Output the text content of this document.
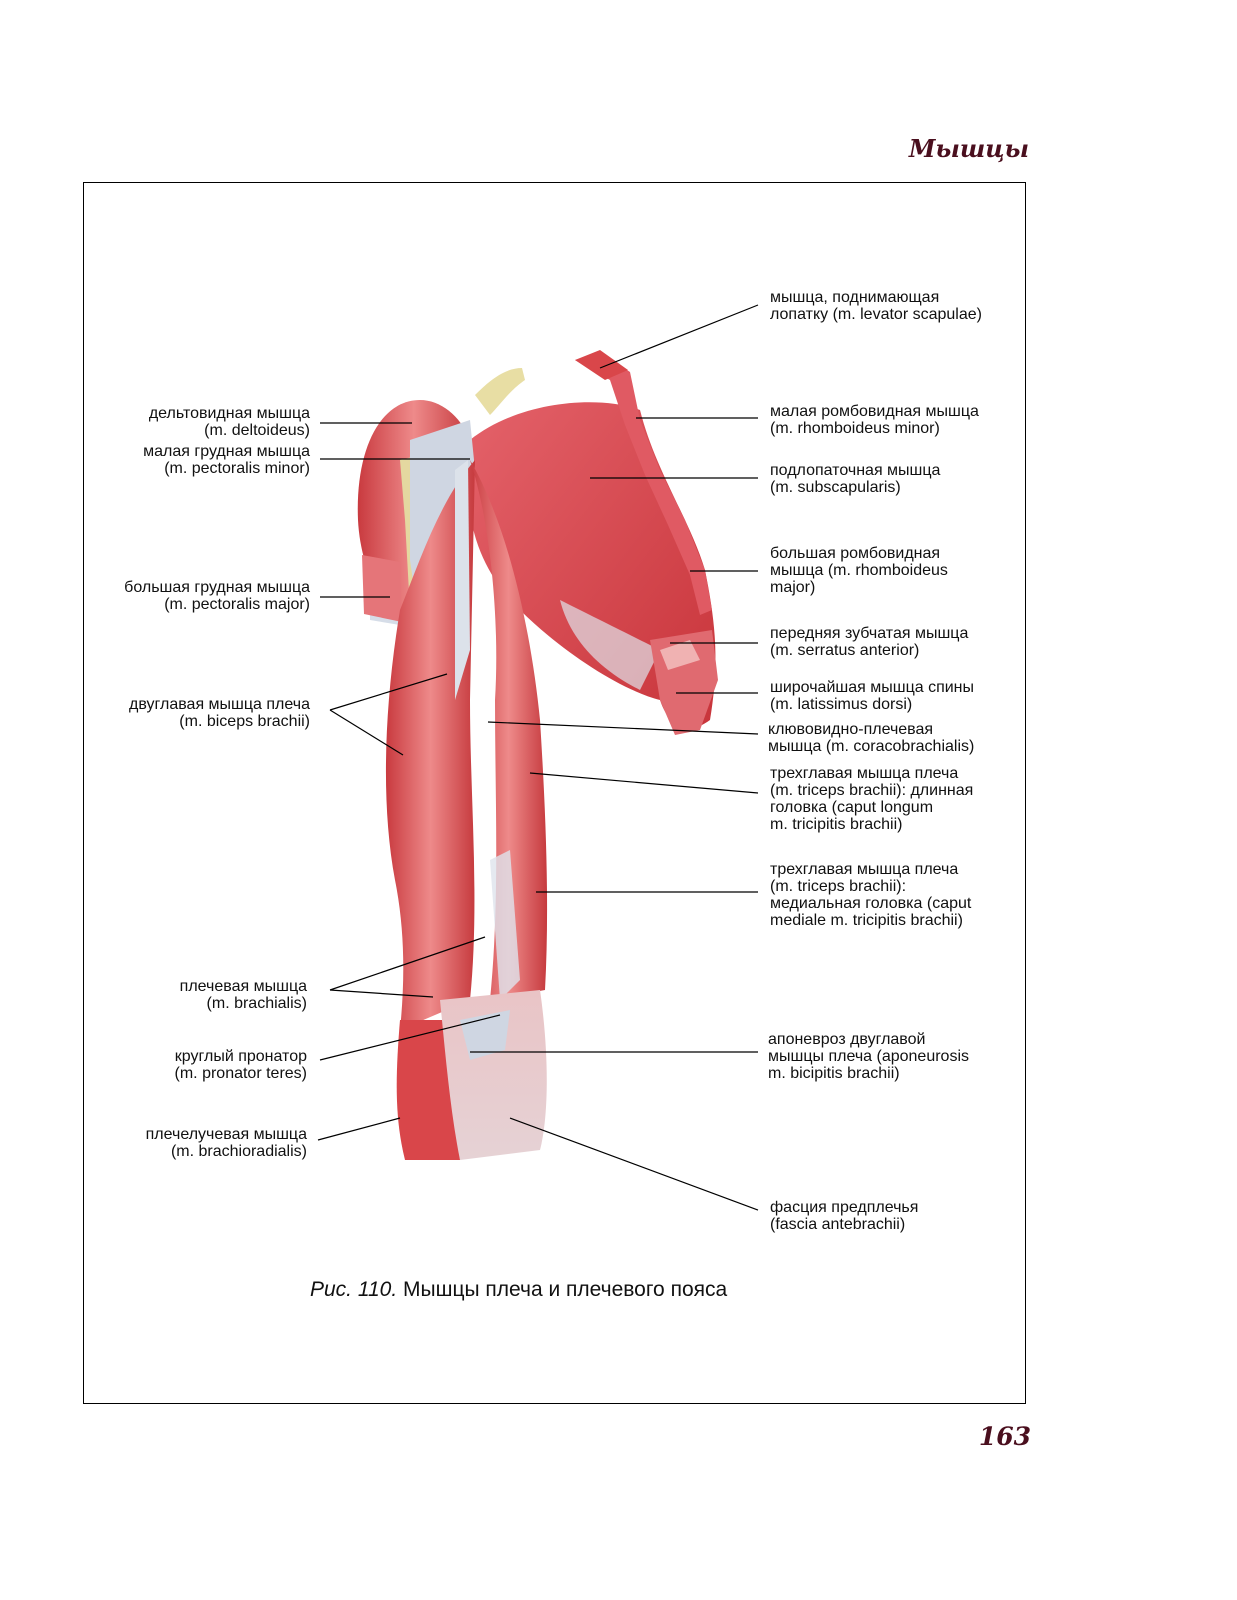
Мышцы
дельтовидная мышца
(m. deltoideus)
малая грудная мышца
(m. pectoralis minor)
большая грудная мышца
(m. pectoralis major)
двуглавая мышца плеча
(m. biceps brachii)
плечевая мышца
(m. brachialis)
круглый пронатор
(m. pronator teres)
плечелучевая мышца
(m. brachioradialis)
мышца, поднимающая
лопатку (m. levator scapulae)
малая ромбовидная мышца
(m. rhomboideus minor)
подлопаточная мышца
(m. subscapularis)
большая ромбовидная
мышца (m. rhomboideus
major)
передняя зубчатая мышца
(m. serratus anterior)
широчайшая мышца спины
(m. latissimus dorsi)
клювовидно-плечевая
мышца (m. coracobrachialis)
трехглавая мышца плеча
(m. triceps brachii): длинная
головка (caput longum
m. tricipitis brachii)
трехглавая мышца плеча
(m. triceps brachii):
медиальная головка (caput
mediale m. tricipitis brachii)
апоневроз двуглавой
мышцы плеча (aponeurosis
m. bicipitis brachii)
фасция предплечья
(fascia antebrachii)
Рис. 110. Мышцы плеча и плечевого пояса
163
